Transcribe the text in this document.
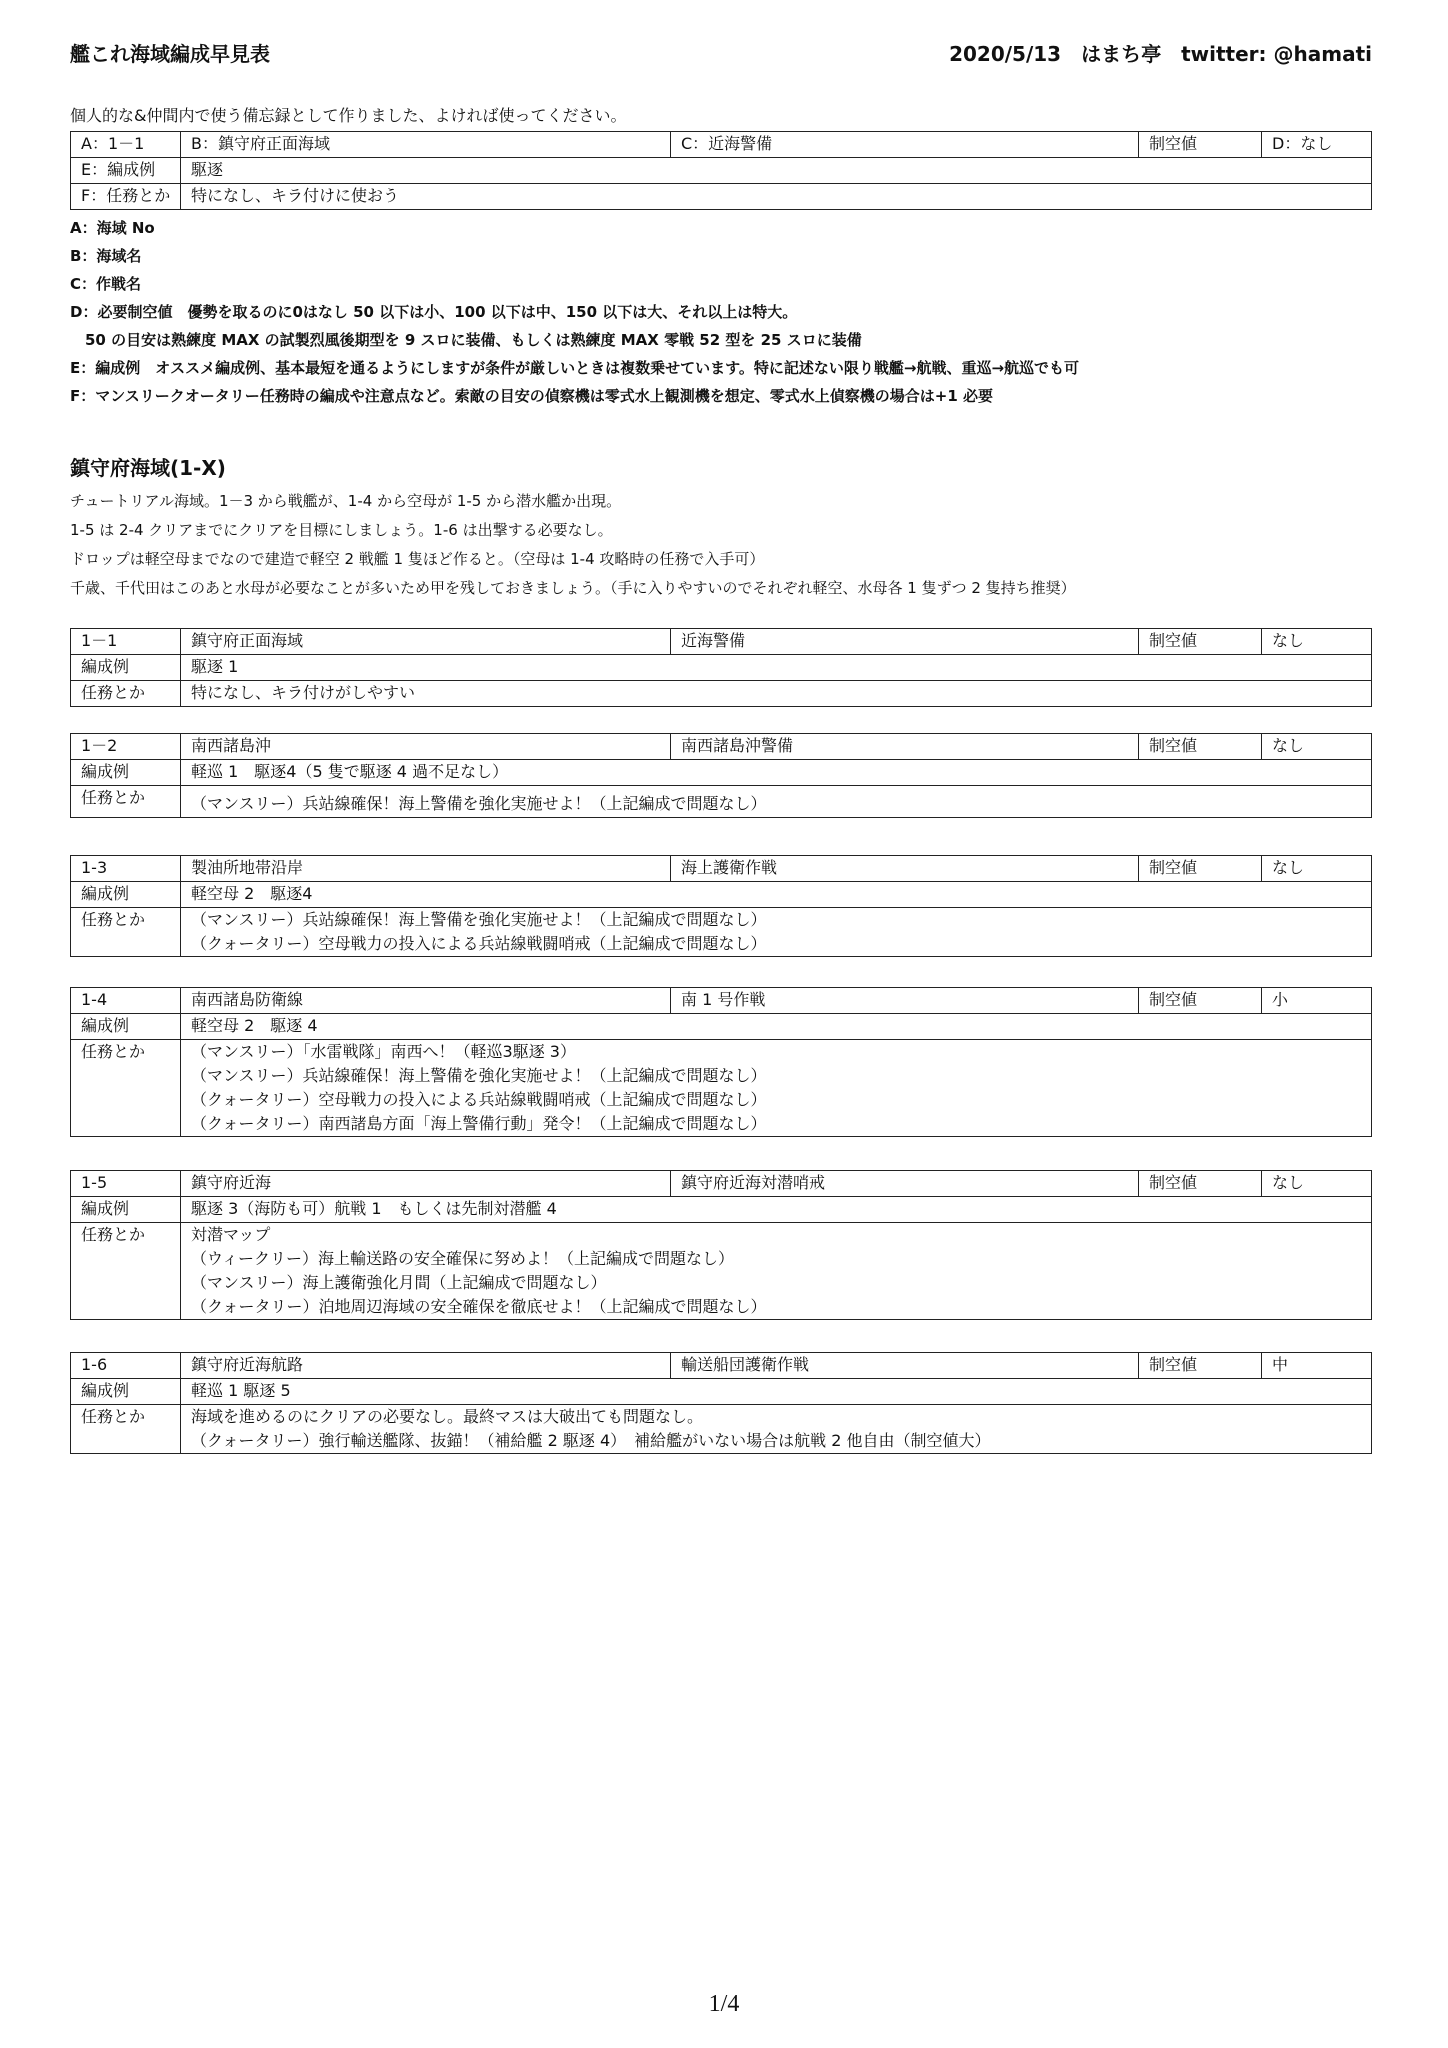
艦これ海域編成早見表	2020/5/13　はまち亭　twitter: @hamati
個人的な&仲間内で使う備忘録として作りました、よければ使ってください。
A：1－1	B：鎮守府正面海域	C：近海警備	制空値	D：なし
E：編成例	駆逐			
F：任務とか	特になし、キラ付けに使おう			
A：海域 No
B：海域名
C：作戦名
D：必要制空値　優勢を取るのに0はなし 50 以下は小、100 以下は中、150 以下は大、それ以上は特大。
　50 の目安は熟練度 MAX の試製烈風後期型を 9 スロに装備、もしくは熟練度 MAX 零戦 52 型を 25 スロに装備
E：編成例　オススメ編成例、基本最短を通るようにしますが条件が厳しいときは複数乗せています。特に記述ない限り戦艦→航戦、重巡→航巡でも可
F：マンスリークオータリー任務時の編成や注意点など。索敵の目安の偵察機は零式水上観測機を想定、零式水上偵察機の場合は+1 必要
鎮守府海域(1-X)
チュートリアル海域。1－3 から戦艦が、1-4 から空母が 1-5 から潜水艦か出現。
1-5 は 2-4 クリアまでにクリアを目標にしましょう。1-6 は出撃する必要なし。
ドロップは軽空母までなので建造で軽空 2 戦艦 1 隻ほど作ると。（空母は 1-4 攻略時の任務で入手可）
千歳、千代田はこのあと水母が必要なことが多いため甲を残しておきましょう。（手に入りやすいのでそれぞれ軽空、水母各 1 隻ずつ 2 隻持ち推奨）
1－1	鎮守府正面海域	近海警備	制空値	なし
編成例	駆逐 1			
任務とか	特になし、キラ付けがしやすい			
1－2	南西諸島沖	南西諸島沖警備	制空値	なし
編成例	軽巡 1　駆逐4（5 隻で駆逐 4 過不足なし）			
任務とか	（マンスリー）兵站線確保！海上警備を強化実施せよ！（上記編成で問題なし）			
1-3	製油所地帯沿岸	海上護衛作戦	制空値	なし
編成例	軽空母 2　駆逐4			
任務とか	（マンスリー）兵站線確保！海上警備を強化実施せよ！（上記編成で問題なし）
（クォータリー）空母戦力の投入による兵站線戦闘哨戒（上記編成で問題なし）			
1-4	南西諸島防衛線	南 1 号作戦	制空値	小
編成例	軽空母 2　駆逐 4			
任務とか	（マンスリー）「水雷戦隊」南西へ！（軽巡3駆逐 3）
（マンスリー）兵站線確保！海上警備を強化実施せよ！（上記編成で問題なし）
（クォータリー）空母戦力の投入による兵站線戦闘哨戒（上記編成で問題なし）
（クォータリー）南西諸島方面「海上警備行動」発令！（上記編成で問題なし）			
1-5	鎮守府近海	鎮守府近海対潜哨戒	制空値	なし
編成例	駆逐 3（海防も可）航戦 1　もしくは先制対潜艦 4			
任務とか	対潜マップ
（ウィークリー）海上輸送路の安全確保に努めよ！（上記編成で問題なし）
（マンスリー）海上護衛強化月間（上記編成で問題なし）
（クォータリー）泊地周辺海域の安全確保を徹底せよ！（上記編成で問題なし）			
1-6	鎮守府近海航路	輸送船団護衛作戦	制空値	中
編成例	軽巡 1 駆逐 5			
任務とか	海域を進めるのにクリアの必要なし。最終マスは大破出ても問題なし。
（クォータリー）強行輸送艦隊、抜錨！（補給艦 2 駆逐 4）　補給艦がいない場合は航戦 2 他自由（制空値大）			
1/4
